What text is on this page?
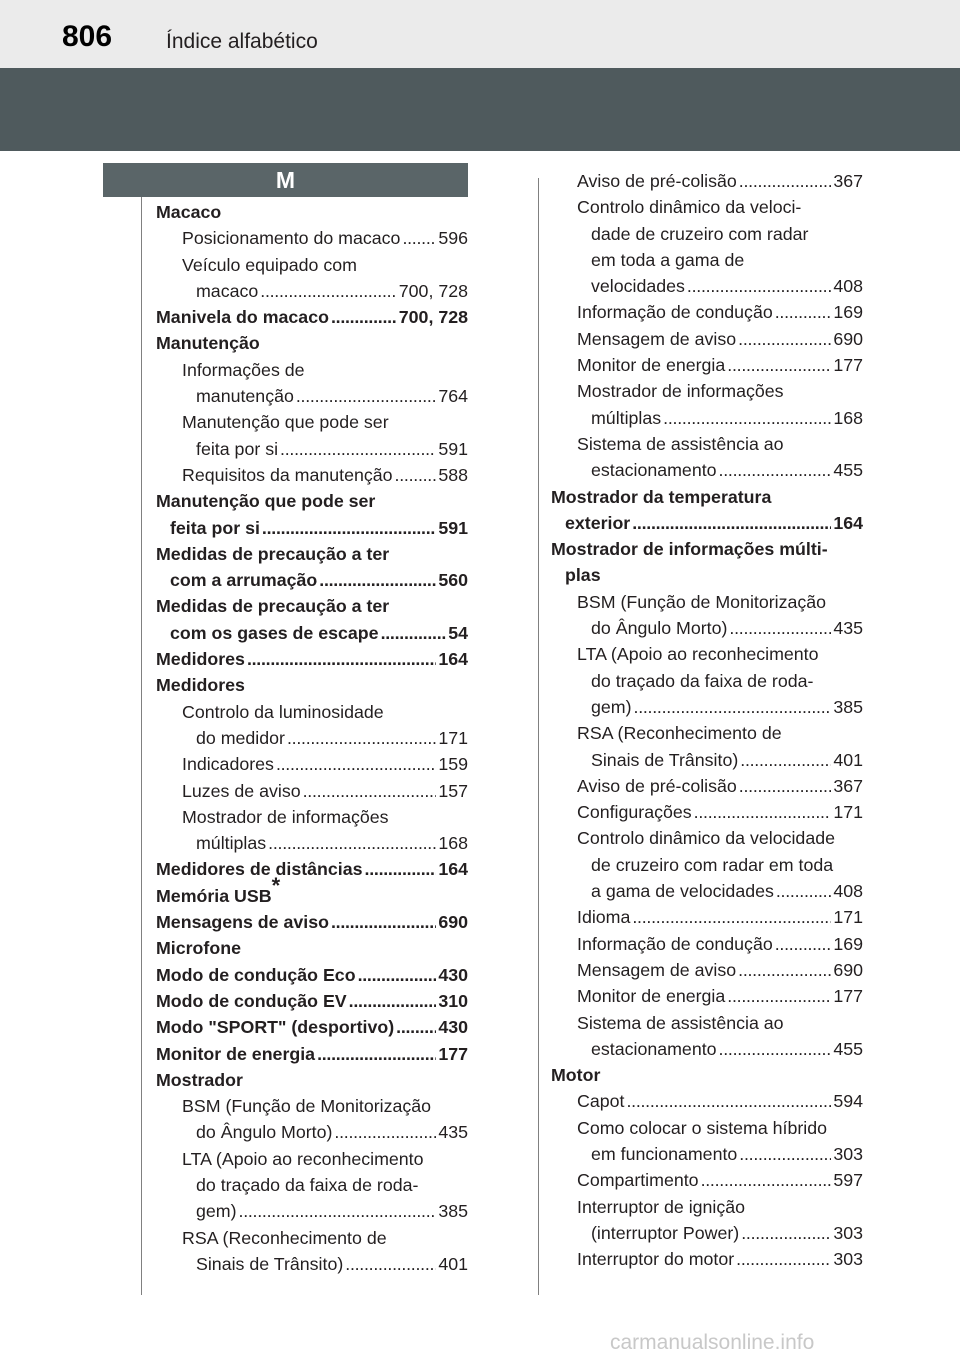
806	Índice alfabético
M
Macaco
Posicionamento do macaco . . . 596
Veículo equipado com
macaco . . .	700, 728
Manivela do macaco . . .	700, 728
Manutenção
Informações de
manutenção . . .	764
Manutenção que pode ser
feita por si . . .	591
Requisitos da manutenção . . .	588
Manutenção que pode ser
feita por si . . .	591
Medidas de precaução a ter
com a arrumação . . .	560
Medidas de precaução a ter
com os gases de escape . . .	54
Medidores . . .	164
Medidores
Controlo da luminosidade
do medidor . . .	171
Indicadores . . .	159
Luzes de aviso . . .	157
Mostrador de informações
múltiplas . . .	168
Medidores de distâncias . . .	164
Memória USB*
Mensagens de aviso . . .	690
Microfone
Modo de condução Eco . . .	430
Modo de condução EV . . .	310
Modo "SPORT" (desportivo) . . . 430
Monitor de energia . . .	177
Mostrador
BSM (Função de Monitorização
do Ângulo Morto) . . .	435
LTA (Apoio ao reconhecimento
do traçado da faixa de roda-
gem) . . .	385
RSA (Reconhecimento de
Sinais de Trânsito) . . .	401
Aviso de pré-colisão . . .	367
Controlo dinâmico da veloci-
dade de cruzeiro com radar
em toda a gama de
velocidades . . .	408
Informação de condução . . .	169
Mensagem de aviso . . .	690
Monitor de energia . . .	177
Mostrador de informações
múltiplas . . .	168
Sistema de assistência ao
estacionamento . . .	455
Mostrador da temperatura
exterior . . .	164
Mostrador de informações múlti-
plas
BSM (Função de Monitorização
do Ângulo Morto) . . .	435
LTA (Apoio ao reconhecimento
do traçado da faixa de roda-
gem) . . .	385
RSA (Reconhecimento de
Sinais de Trânsito) . . .	401
Aviso de pré-colisão . . .	367
Configurações . . .	171
Controlo dinâmico da velocidade
de cruzeiro com radar em toda
a gama de velocidades . . .	408
Idioma . . .	171
Informação de condução . . .	169
Mensagem de aviso . . .	690
Monitor de energia . . .	177
Sistema de assistência ao
estacionamento . . .	455
Motor
Capot . . .	594
Como colocar o sistema híbrido
em funcionamento . . .	303
Compartimento . . .	597
Interruptor de ignição
(interruptor Power) . . .	303
Interruptor do motor . . .	303
carmanualsonline.info
